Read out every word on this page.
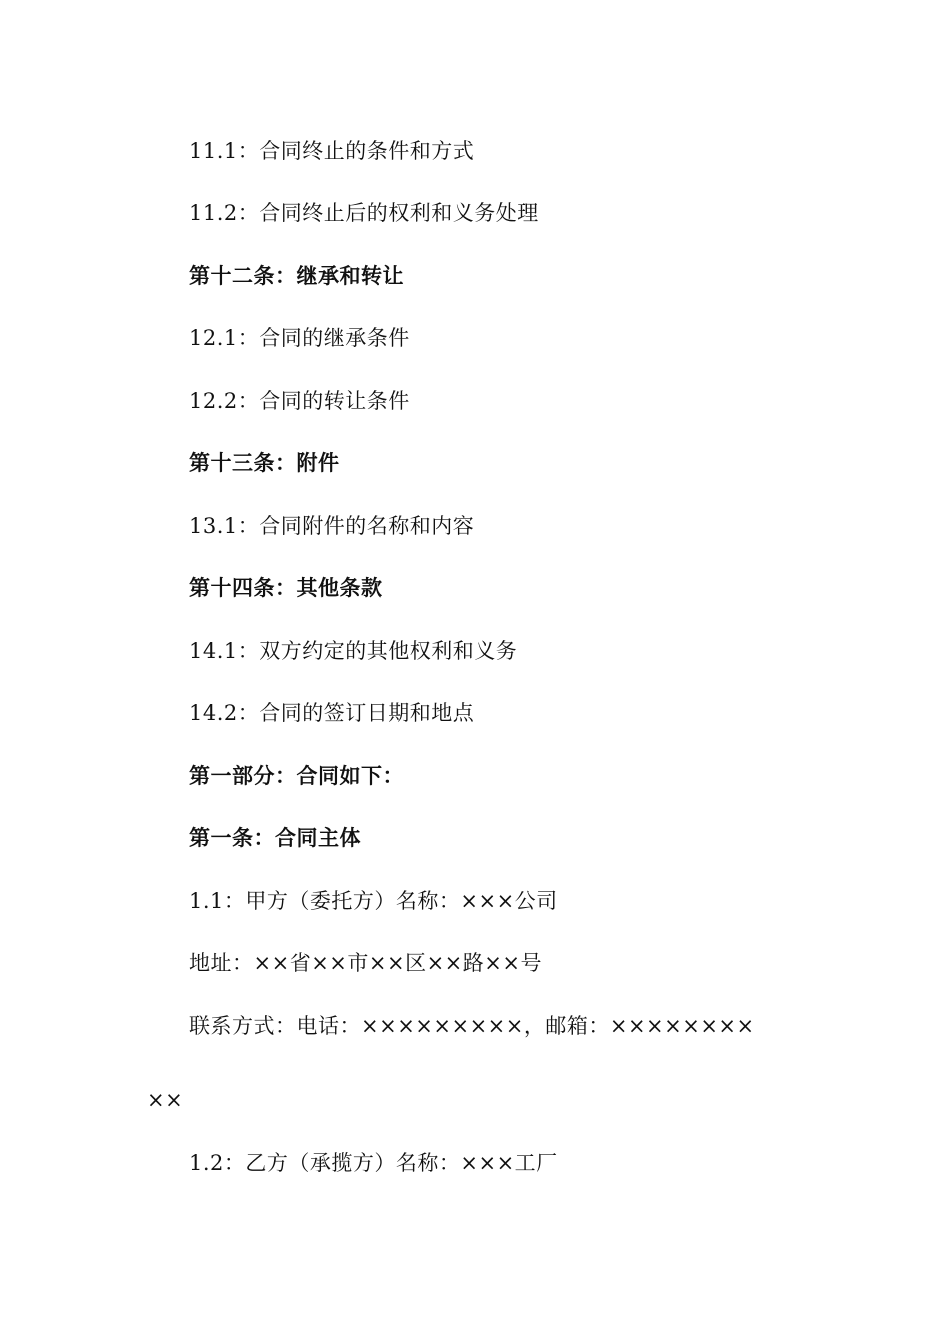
11.1：合同终止的条件和方式
11.2：合同终止后的权利和义务处理
第十二条：继承和转让
12.1：合同的继承条件
12.2：合同的转让条件
第十三条：附件
13.1：合同附件的名称和内容
第十四条：其他条款
14.1：双方约定的其他权利和义务
14.2：合同的签订日期和地点
第一部分：合同如下：
第一条：合同主体
1.1：甲方（委托方）名称：×××公司
地址：××省××市××区××路××号
联系方式：电话：×××××××××，邮箱：××××××××
××
1.2：乙方（承揽方）名称：×××工厂
